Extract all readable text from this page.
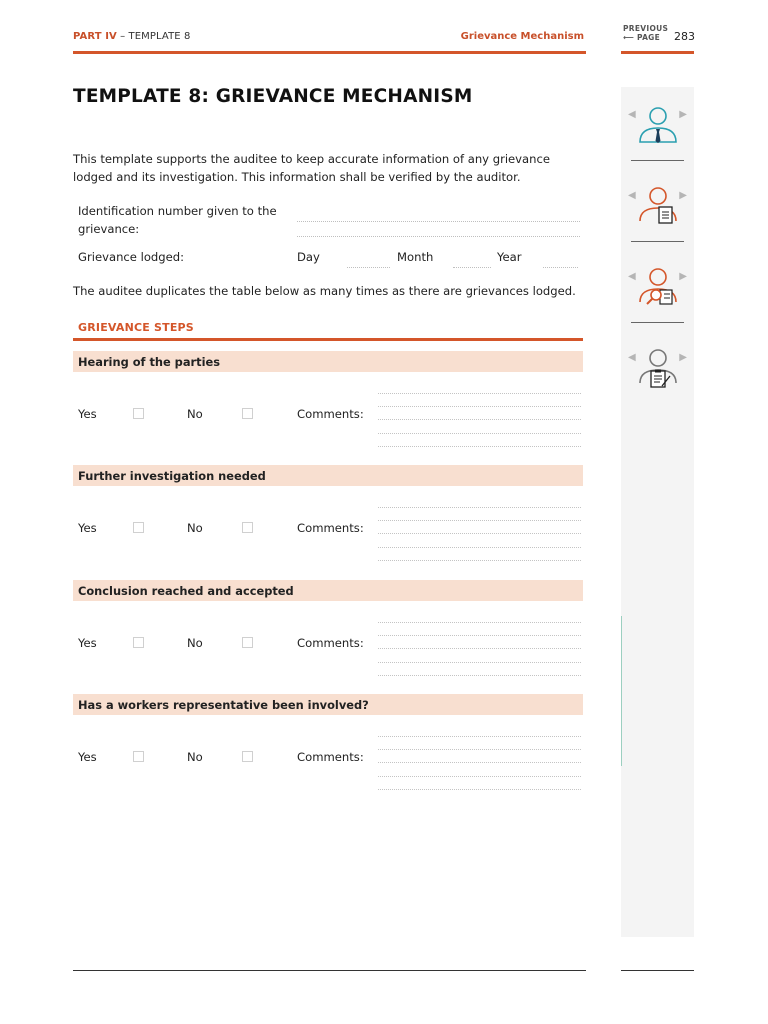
PART IV – TEMPLATE 8	Grievance Mechanism
PREVIOUS
⟵ PAGE	283
◀	▶
◀	▶
◀	▶
◀	▶
TEMPLATE 8: GRIEVANCE MECHANISM
This template supports the auditee to keep accurate information of any grievance lodged and its investigation. This information shall be verified by the auditor.
Identification number given to the grievance:
Grievance lodged:	Day	Month	Year
The auditee duplicates the table below as many times as there are grievances lodged.
GRIEVANCE STEPS
Hearing of the parties
Yes	No	Comments:
Further investigation needed
Yes	No	Comments:
Conclusion reached and accepted
Yes	No	Comments:
Has a workers representative been involved?
Yes	No	Comments:
